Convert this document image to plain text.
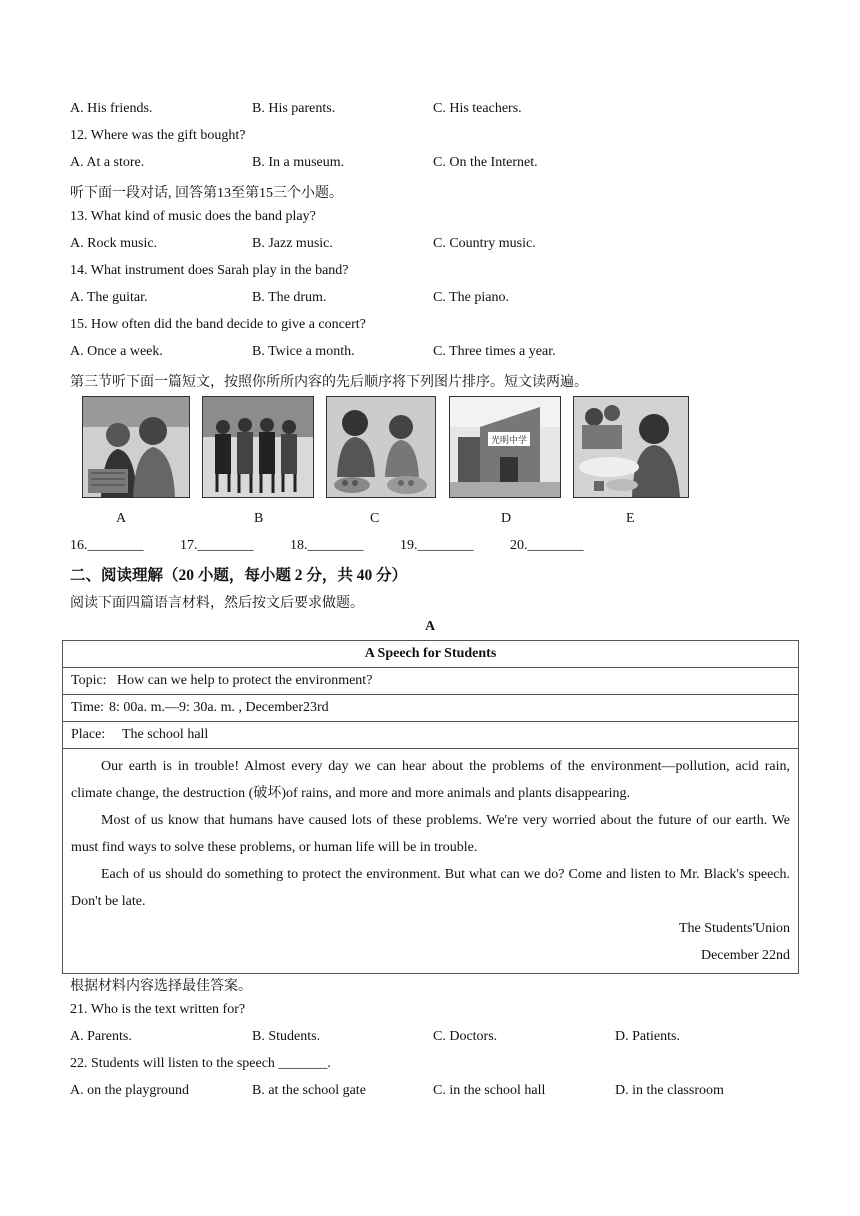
A. His friends.	B. His parents.	C. His teachers.
12. Where was the gift bought?
A. At a store.	B. In a museum.	C. On the Internet.
听下面一段对话, 回答第13至第15三个小题。
13. What kind of music does the band play?
A. Rock music.	B. Jazz music.	C. Country music.
14. What instrument does Sarah play in the band?
A. The guitar.	B. The drum.	C. The piano.
15. How often did the band decide to give a concert?
A. Once a week.	B. Twice a month.	C. Three times a year.
第三节听下面一篇短文，按照你所所内容的先后顺序将下列图片排序。短文读两遍。
光明中学
A	B	C	D	E
16.________	17.________	18.________	19.________	20.________
二、阅读理解（20 小题，每小题 2 分，共 40 分）
阅读下面四篇语言材料，然后按文后要求做题。
A
A Speech for Students
Topic: How can we help to protect the environment?
Time: 8: 00a. m.—9: 30a. m. , December23rd
Place: The school hall

Our earth is in trouble! Almost every day we can hear about the problems of the environment—pollution, acid rain, climate change, the destruction (破坏)of rains, and more and more animals and plants disappearing.

Most of us know that humans have caused lots of these problems. We're very worried about the future of our earth. We must find ways to solve these problems, or human life will be in trouble.

Each of us should do something to protect the environment. But what can we do? Come and listen to Mr. Black's speech. Don't be late.

The Students'Union

December 22nd

根据材料内容选择最佳答案。
21. Who is the text written for?
A. Parents.	B. Students.	C. Doctors.	D. Patients.
22. Students will listen to the speech _______.
A. on the playground	B. at the school gate	C. in the school hall	D. in the classroom
